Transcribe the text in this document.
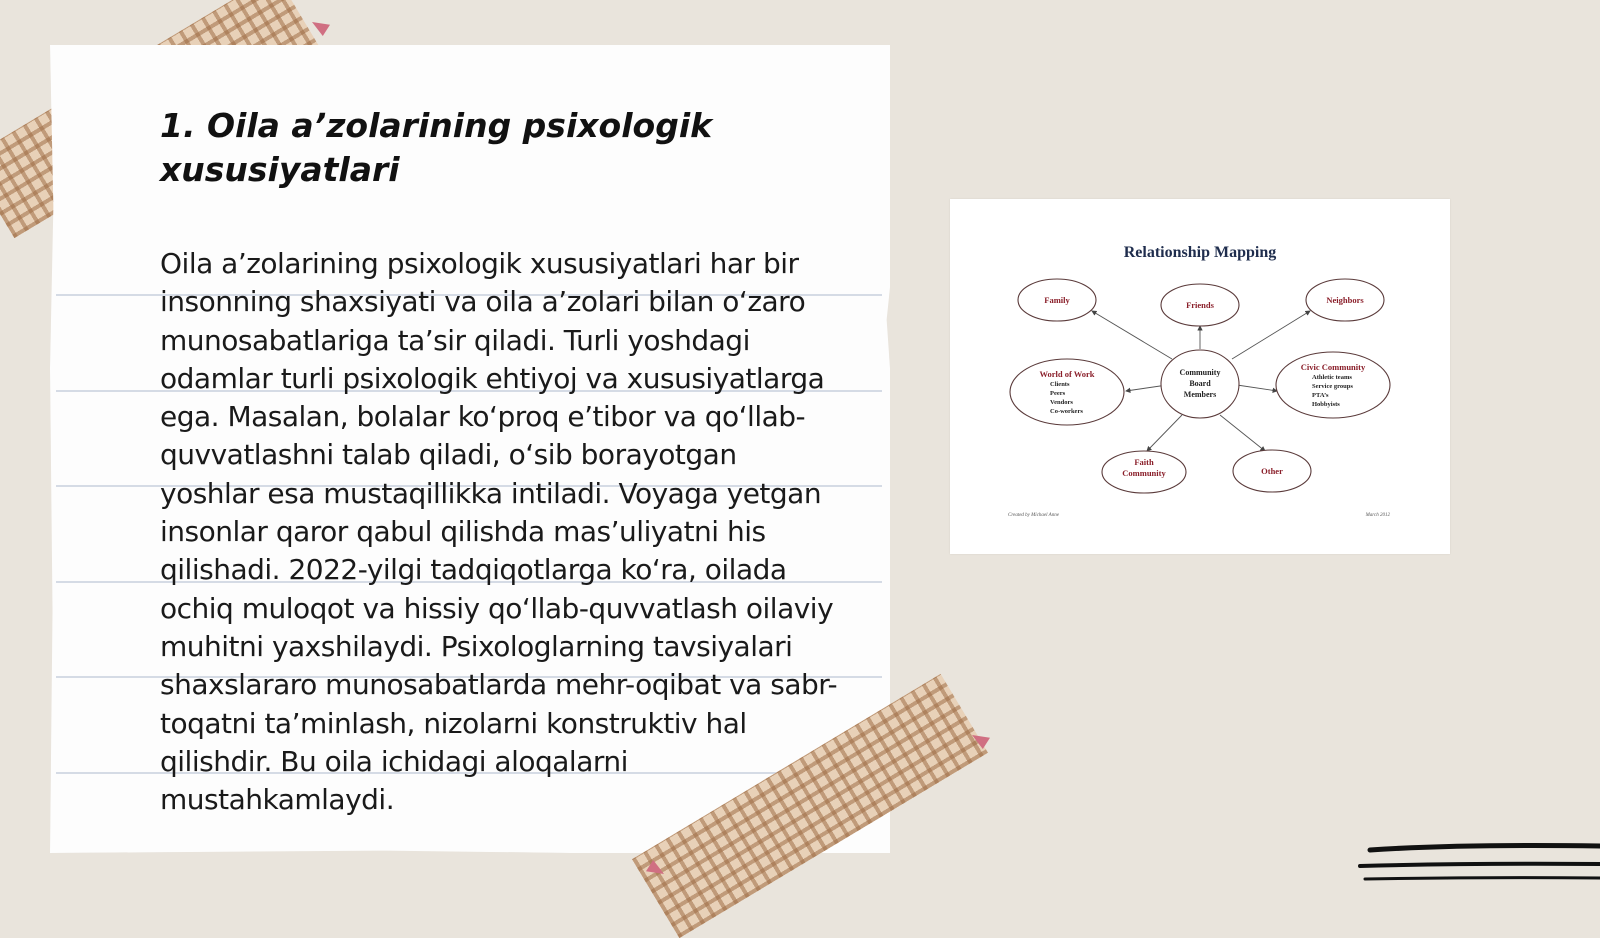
1. Oila a’zolarining psixologik xususiyatlari

Oila a’zolarining psixologik xususiyatlari har bir insonning shaxsiyati va oila a’zolari bilan o‘zaro munosabatlariga ta’sir qiladi. Turli yoshdagi odamlar turli psixologik ehtiyoj va xususiyatlarga ega. Masalan, bolalar ko‘proq e’tibor va qo‘llab-quvvatlashni talab qiladi, o‘sib borayotgan yoshlar esa mustaqillikka intiladi. Voyaga yetgan insonlar qaror qabul qilishda mas’uliyatni his qilishadi. 2022-yilgi tadqiqotlarga ko‘ra, oilada ochiq muloqot va hissiy qo‘llab-quvvatlash oilaviy muhitni yaxshilaydi. Psixologlarning tavsiyalari shaxslararo munosabatlarda mehr-oqibat va sabr-toqatni ta’minlash, nizolarni konstruktiv hal qilishdir. Bu oila ichidagi aloqalarni mustahkamlaydi.

Relationship Mapping
Family	Friends	Neighbors
World of Work
Civic Community
Faith
Community	Other
Community
Board
Members
Clients
Peers
Vendors
Co-workers
Athletic teams
Service groups
PTA’s
Hobbyists
Created by Michael Anne	March 2012
